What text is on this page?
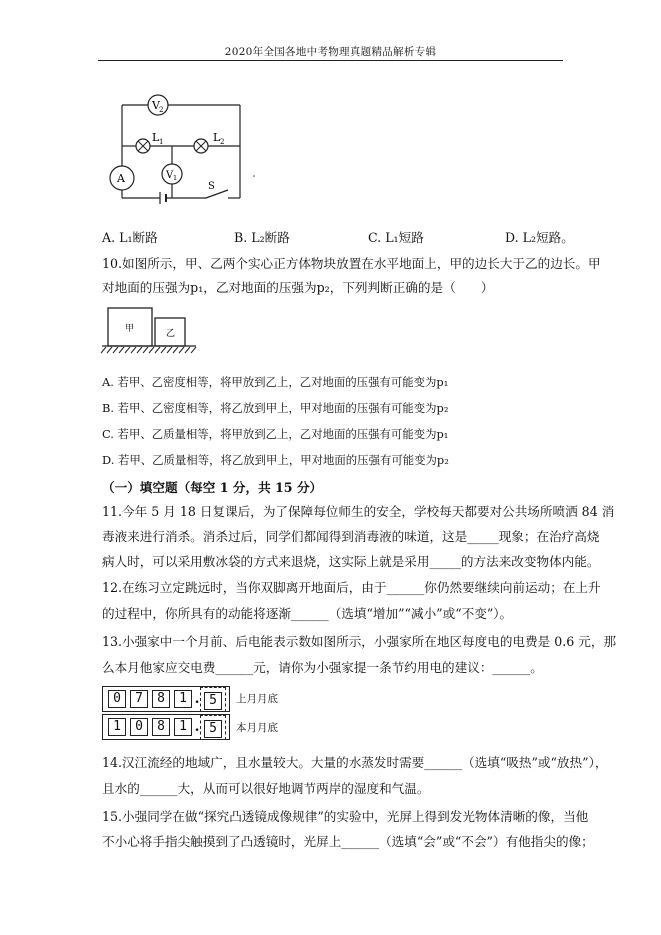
2020年全国各地中考物理真题精品解析专辑
V 2
L 1	L 2
A	V 1
S
A. L₁断路	B. L₂断路	C. L₁短路	D. L₂短路。
10.如图所示，甲、乙两个实心正方体物块放置在水平地面上，甲的边长大于乙的边长。甲
对地面的压强为p₁，乙对地面的压强为p₂，下列判断正确的是（　　）
甲	乙
A. 若甲、乙密度相等，将甲放到乙上，乙对地面的压强有可能变为p₁
B. 若甲、乙密度相等，将乙放到甲上，甲对地面的压强有可能变为p₂
C. 若甲、乙质量相等，将甲放到乙上，乙对地面的压强有可能变为p₁
D. 若甲、乙质量相等，将乙放到甲上，甲对地面的压强有可能变为p₂
（一）填空题（每空 1 分，共 15 分）
11.今年 5 月 18 日复课后，为了保障每位师生的安全，学校每天都要对公共场所喷洒 84 消
毒液来进行消杀。消杀过后，同学们都闻得到消毒液的味道，这是_____现象；在治疗高烧
病人时，可以采用敷冰袋的方式来退烧，这实际上就是采用_____的方法来改变物体内能。
12.在练习立定跳远时，当你双脚离开地面后，由于______你仍然要继续向前运动；在上升
的过程中，你所具有的动能将逐渐______（选填“增加”“减小”或“不变”）。
13.小强家中一个月前、后电能表示数如图所示，小强家所在地区每度电的电费是 0.6 元，那
么本月他家应交电费______元，请你为小强家提一条节约用电的建议：______。
0	7	8	1 . 5	上月月底
1	0	8	1 . 5	本月月底
14.汉江流经的地域广，且水量较大。大量的水蒸发时需要______（选填“吸热”或“放热”），
且水的______大，从而可以很好地调节两岸的湿度和气温。
15.小强同学在做“探究凸透镜成像规律”的实验中，光屏上得到发光物体清晰的像，当他
不小心将手指尖触摸到了凸透镜时，光屏上______（选填“会”或“不会”）有他指尖的像；
